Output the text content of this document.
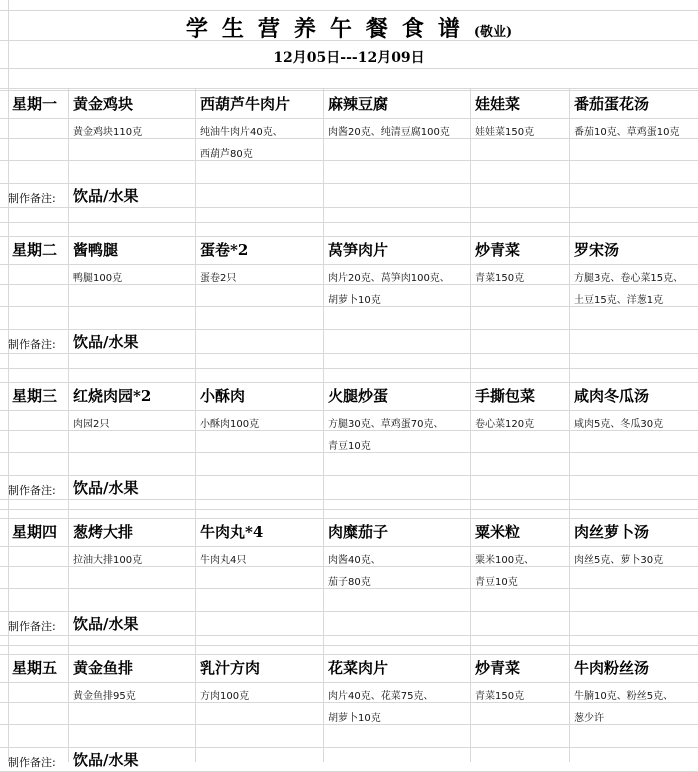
学生营养午餐食谱(敬业)
12月05日---12月09日
星期一 黄金鸡块
黄金鸡块110克
西葫芦牛肉片
纯油牛肉片40克、
西葫芦80克
麻辣豆腐
肉酱20克、纯清豆腐100克
娃娃菜
娃娃菜150克
番茄蛋花汤
番茄10克、草鸡蛋10克
制作备注: 饮品/水果
星期二 酱鸭腿
鸭腿100克
蛋卷*2
蛋卷2只
莴笋肉片
肉片20克、莴笋肉100克、
胡萝卜10克
炒青菜
青菜150克
罗宋汤
方腿3克、卷心菜15克、
土豆15克、洋葱1克
制作备注: 饮品/水果
星期三 红烧肉园*2
肉园2只
小酥肉
小酥肉100克
火腿炒蛋
方腿30克、草鸡蛋70克、
青豆10克
手撕包菜
卷心菜120克
咸肉冬瓜汤
咸肉5克、冬瓜30克
制作备注: 饮品/水果
星期四 葱烤大排
拉油大排100克
牛肉丸*4
牛肉丸4只
肉糜茄子
肉酱40克、
茄子80克
粟米粒
粟米100克、
青豆10克
肉丝萝卜汤
肉丝5克、萝卜30克
制作备注: 饮品/水果
星期五 黄金鱼排
黄金鱼排95克
乳汁方肉
方肉100克
花菜肉片
肉片40克、花菜75克、
胡萝卜10克
炒青菜
青菜150克
牛肉粉丝汤
牛腩10克、粉丝5克、
葱少许
制作备注: 饮品/水果
